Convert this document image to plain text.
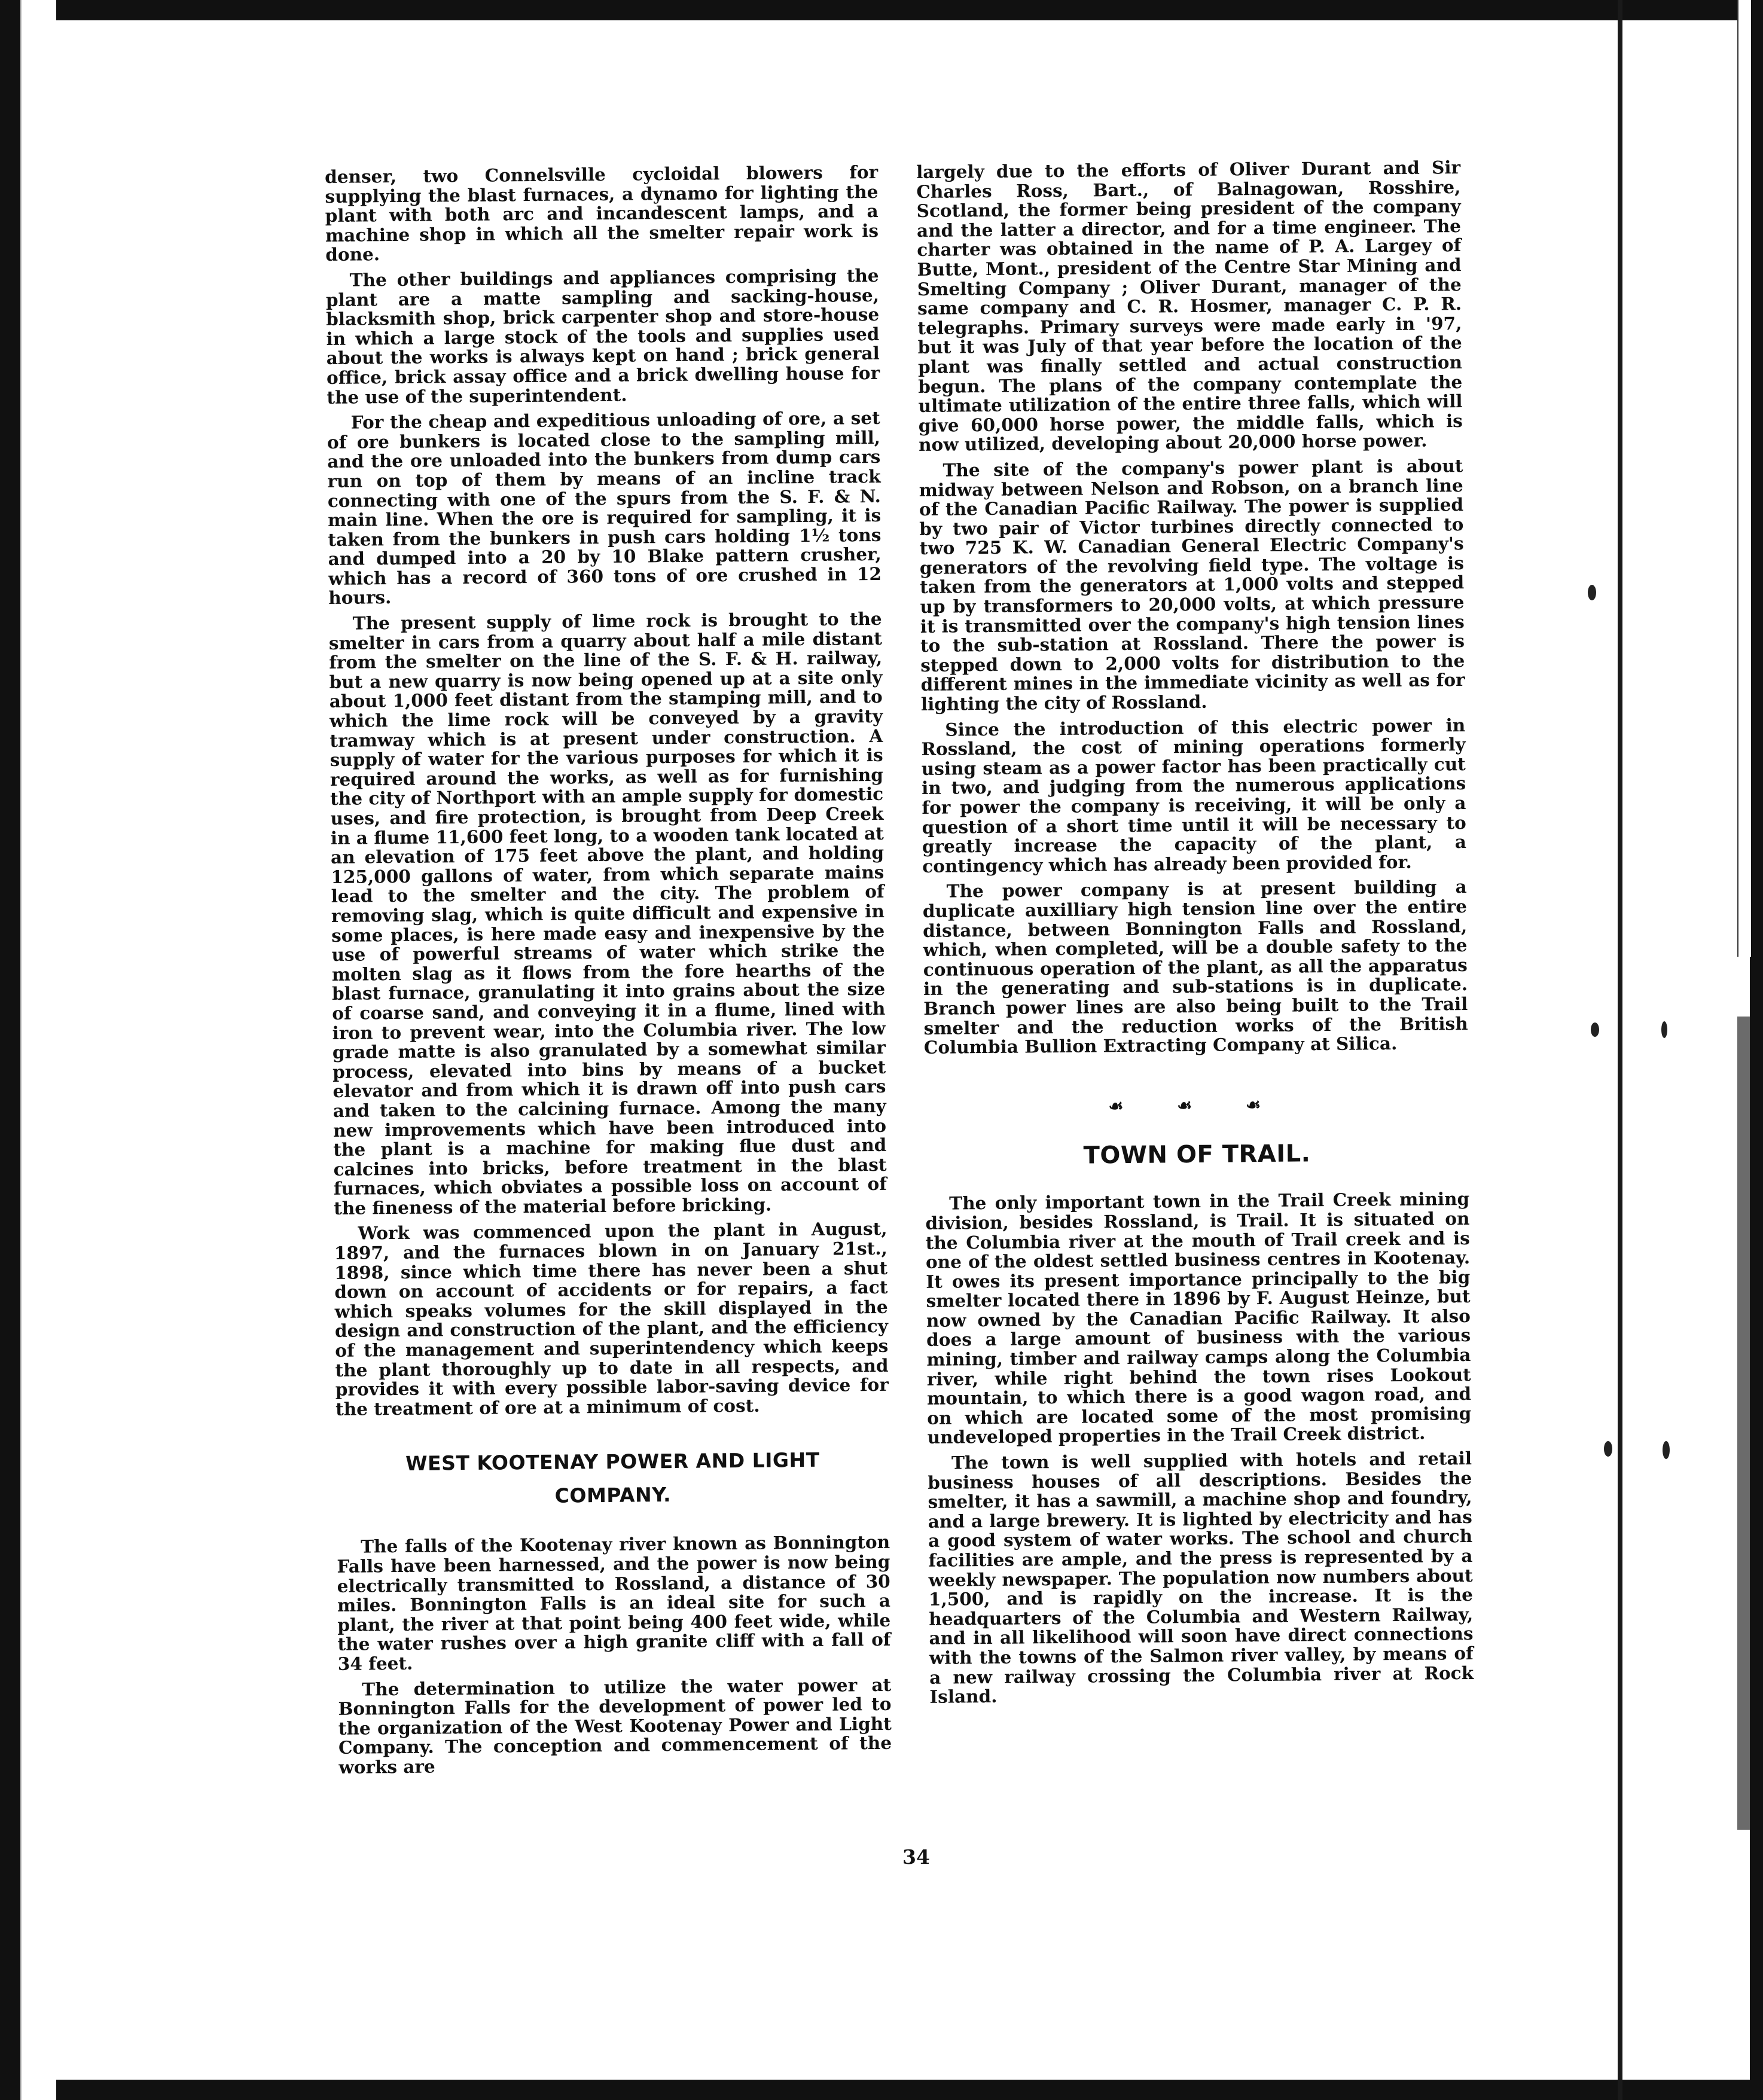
denser, two Connelsville cycloidal blowers for supplying the blast furnaces, a dynamo for lighting the plant with both arc and incandescent lamps, and a machine shop in which all the smelter repair work is done.

The other buildings and appliances comprising the plant are a matte sampling and sacking-house, blacksmith shop, brick carpenter shop and store-house in which a large stock of the tools and supplies used about the works is always kept on hand ; brick general office, brick assay office and a brick dwelling house for the use of the superintendent.

For the cheap and expeditious unloading of ore, a set of ore bunkers is located close to the sampling mill, and the ore unloaded into the bunkers from dump cars run on top of them by means of an incline track connecting with one of the spurs from the S. F. & N. main line. When the ore is required for sampling, it is taken from the bunkers in push cars holding 1½ tons and dumped into a 20 by 10 Blake pattern crusher, which has a record of 360 tons of ore crushed in 12 hours.

The present supply of lime rock is brought to the smelter in cars from a quarry about half a mile distant from the smelter on the line of the S. F. & H. railway, but a new quarry is now being opened up at a site only about 1,000 feet distant from the stamping mill, and to which the lime rock will be conveyed by a gravity tramway which is at present under construction. A supply of water for the various purposes for which it is required around the works, as well as for furnishing the city of Northport with an ample supply for domestic uses, and fire protection, is brought from Deep Creek in a flume 11,600 feet long, to a wooden tank located at an elevation of 175 feet above the plant, and holding 125,000 gallons of water, from which separate mains lead to the smelter and the city. The problem of removing slag, which is quite difficult and expensive in some places, is here made easy and inexpensive by the use of powerful streams of water which strike the molten slag as it flows from the fore hearths of the blast furnace, granulating it into grains about the size of coarse sand, and conveying it in a flume, lined with iron to prevent wear, into the Columbia river. The low grade matte is also granulated by a somewhat similar process, elevated into bins by means of a bucket elevator and from which it is drawn off into push cars and taken to the calcining furnace. Among the many new improvements which have been introduced into the plant is a machine for making flue dust and calcines into bricks, before treatment in the blast furnaces, which obviates a possible loss on account of the fineness of the material before bricking.

Work was commenced upon the plant in August, 1897, and the furnaces blown in on January 21st., 1898, since which time there has never been a shut down on account of accidents or for repairs, a fact which speaks volumes for the skill displayed in the design and construction of the plant, and the efficiency of the management and superintendency which keeps the plant thoroughly up to date in all respects, and provides it with every possible labor-saving device for the treatment of ore at a minimum of cost.

WEST KOOTENAY POWER AND LIGHT
COMPANY.

The falls of the Kootenay river known as Bonnington Falls have been harnessed, and the power is now being electrically transmitted to Rossland, a distance of 30 miles. Bonnington Falls is an ideal site for such a plant, the river at that point being 400 feet wide, while the water rushes over a high granite cliff with a fall of 34 feet.

The determination to utilize the water power at Bonnington Falls for the development of power led to the organization of the West Kootenay Power and Light Company. The conception and commencement of the works are

largely due to the efforts of Oliver Durant and Sir Charles Ross, Bart., of Balnagowan, Rosshire, Scotland, the former being president of the company and the latter a director, and for a time engineer. The charter was obtained in the name of P. A. Largey of Butte, Mont., president of the Centre Star Mining and Smelting Company ; Oliver Durant, manager of the same company and C. R. Hosmer, manager C. P. R. telegraphs. Primary surveys were made early in '97, but it was July of that year before the location of the plant was finally settled and actual construction begun. The plans of the company contemplate the ultimate utilization of the entire three falls, which will give 60,000 horse power, the middle falls, which is now utilized, developing about 20,000 horse power.

The site of the company's power plant is about midway between Nelson and Robson, on a branch line of the Canadian Pacific Railway. The power is supplied by two pair of Victor turbines directly connected to two 725 K. W. Canadian General Electric Company's generators of the revolving field type. The voltage is taken from the generators at 1,000 volts and stepped up by transformers to 20,000 volts, at which pressure it is transmitted over the company's high tension lines to the sub-station at Rossland. There the power is stepped down to 2,000 volts for distribution to the different mines in the immediate vicinity as well as for lighting the city of Rossland.

Since the introduction of this electric power in Rossland, the cost of mining operations formerly using steam as a power factor has been practically cut in two, and judging from the numerous applications for power the company is receiving, it will be only a question of a short time until it will be necessary to greatly increase the capacity of the plant, a contingency which has already been provided for.

The power company is at present building a duplicate auxilliary high tension line over the entire distance, between Bonnington Falls and Rossland, which, when completed, will be a double safety to the continuous operation of the plant, as all the apparatus in the generating and sub-stations is in duplicate. Branch power lines are also being built to the Trail smelter and the reduction works of the British Columbia Bullion Extracting Company at Silica.

☙ ☙ ☙
TOWN OF TRAIL.

The only important town in the Trail Creek mining division, besides Rossland, is Trail. It is situated on the Columbia river at the mouth of Trail creek and is one of the oldest settled business centres in Kootenay. It owes its present importance principally to the big smelter located there in 1896 by F. August Heinze, but now owned by the Canadian Pacific Railway. It also does a large amount of business with the various mining, timber and railway camps along the Columbia river, while right behind the town rises Lookout mountain, to which there is a good wagon road, and on which are located some of the most promising undeveloped properties in the Trail Creek district.

The town is well supplied with hotels and retail business houses of all descriptions. Besides the smelter, it has a sawmill, a machine shop and foundry, and a large brewery. It is lighted by electricity and has a good system of water works. The school and church facilities are ample, and the press is represented by a weekly newspaper. The population now numbers about 1,500, and is rapidly on the increase. It is the headquarters of the Columbia and Western Railway, and in all likelihood will soon have direct connections with the towns of the Salmon river valley, by means of a new railway crossing the Columbia river at Rock Island.

34
